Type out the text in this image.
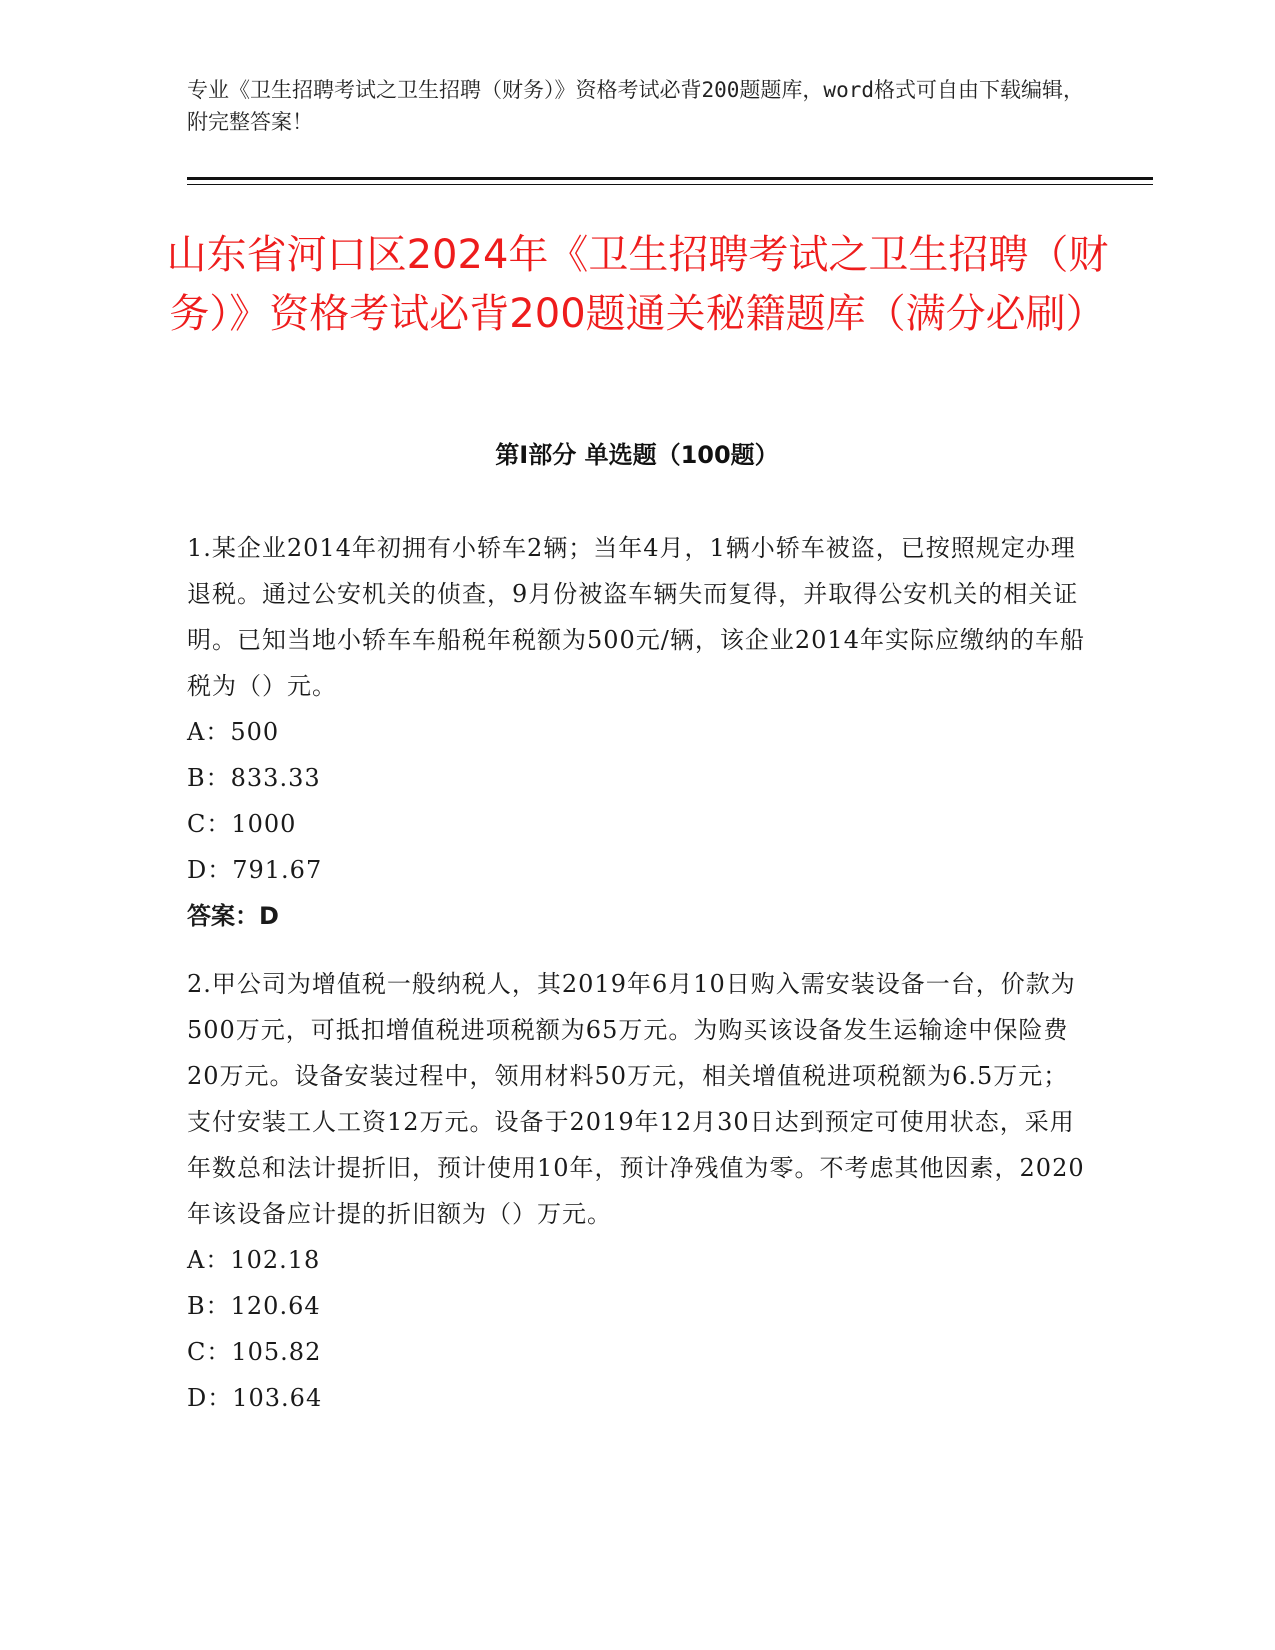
专业《卫生招聘考试之卫生招聘（财务）》资格考试必背200题题库，word格式可自由下载编辑，附完整答案！
山东省河口区2024年《卫生招聘考试之卫生招聘（财务）》资格考试必背200题通关秘籍题库（满分必刷）
第I部分 单选题（100题）

1.某企业2014年初拥有小轿车2辆；当年4月，1辆小轿车被盗，已按照规定办理退税。通过公安机关的侦查，9月份被盗车辆失而复得，并取得公安机关的相关证明。已知当地小轿车车船税年税额为500元/辆，该企业2014年实际应缴纳的车船税为（）元。

A：500

B：833.33

C：1000

D：791.67

答案：D

2.甲公司为增值税一般纳税人，其2019年6月10日购入需安装设备一台，价款为500万元，可抵扣增值税进项税额为65万元。为购买该设备发生运输途中保险费20万元。设备安装过程中，领用材料50万元，相关增值税进项税额为6.5万元；支付安装工人工资12万元。设备于2019年12月30日达到预定可使用状态，采用年数总和法计提折旧，预计使用10年，预计净残值为零。不考虑其他因素，2020年该设备应计提的折旧额为（）万元。

A：102.18

B：120.64

C：105.82

D：103.64
